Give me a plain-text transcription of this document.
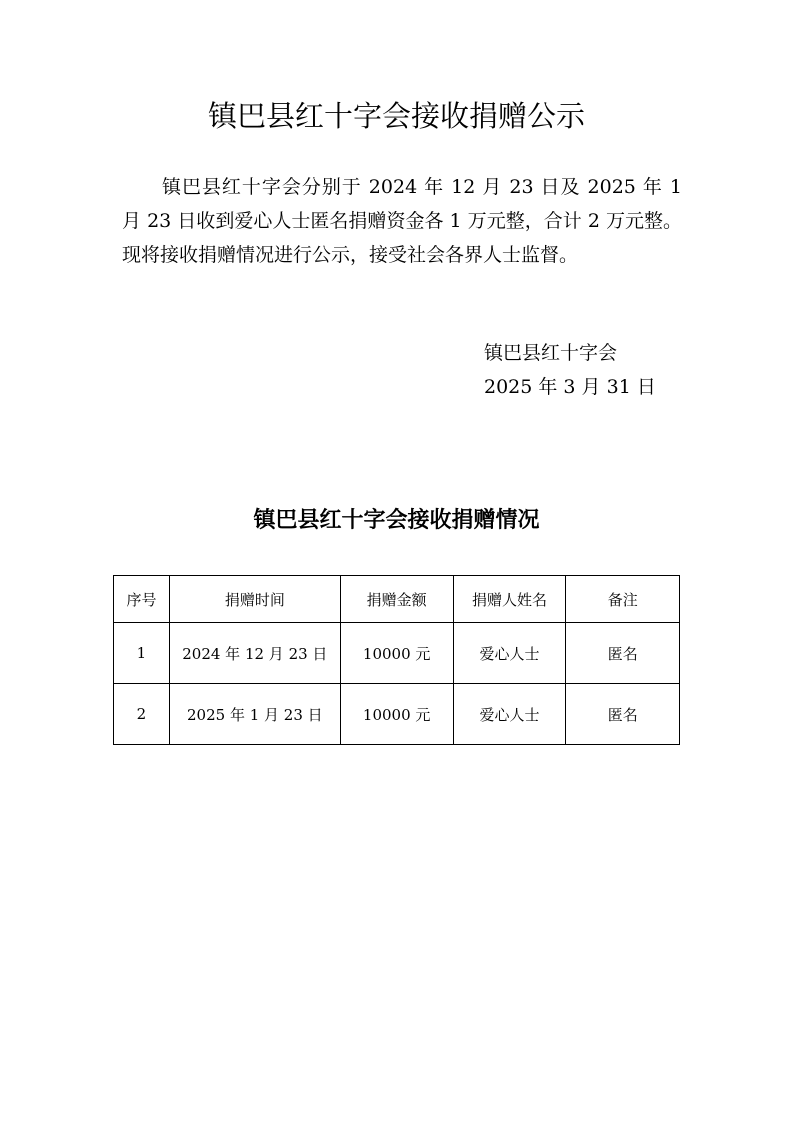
镇巴县红十字会接收捐赠公示

镇巴县红十字会分别于 2024 年 12 月 23 日及 2025 年 1 月 23 日收到爱心人士匿名捐赠资金各 1 万元整，合计 2 万元整。现将接收捐赠情况进行公示，接受社会各界人士监督。

镇巴县红十字会
2025 年 3 月 31 日
镇巴县红十字会接收捐赠情况
序号	捐赠时间	捐赠金额	捐赠人姓名	备注
1	2024 年 12 月 23 日	10000 元	爱心人士	匿名
2	2025 年 1 月 23 日	10000 元	爱心人士	匿名
